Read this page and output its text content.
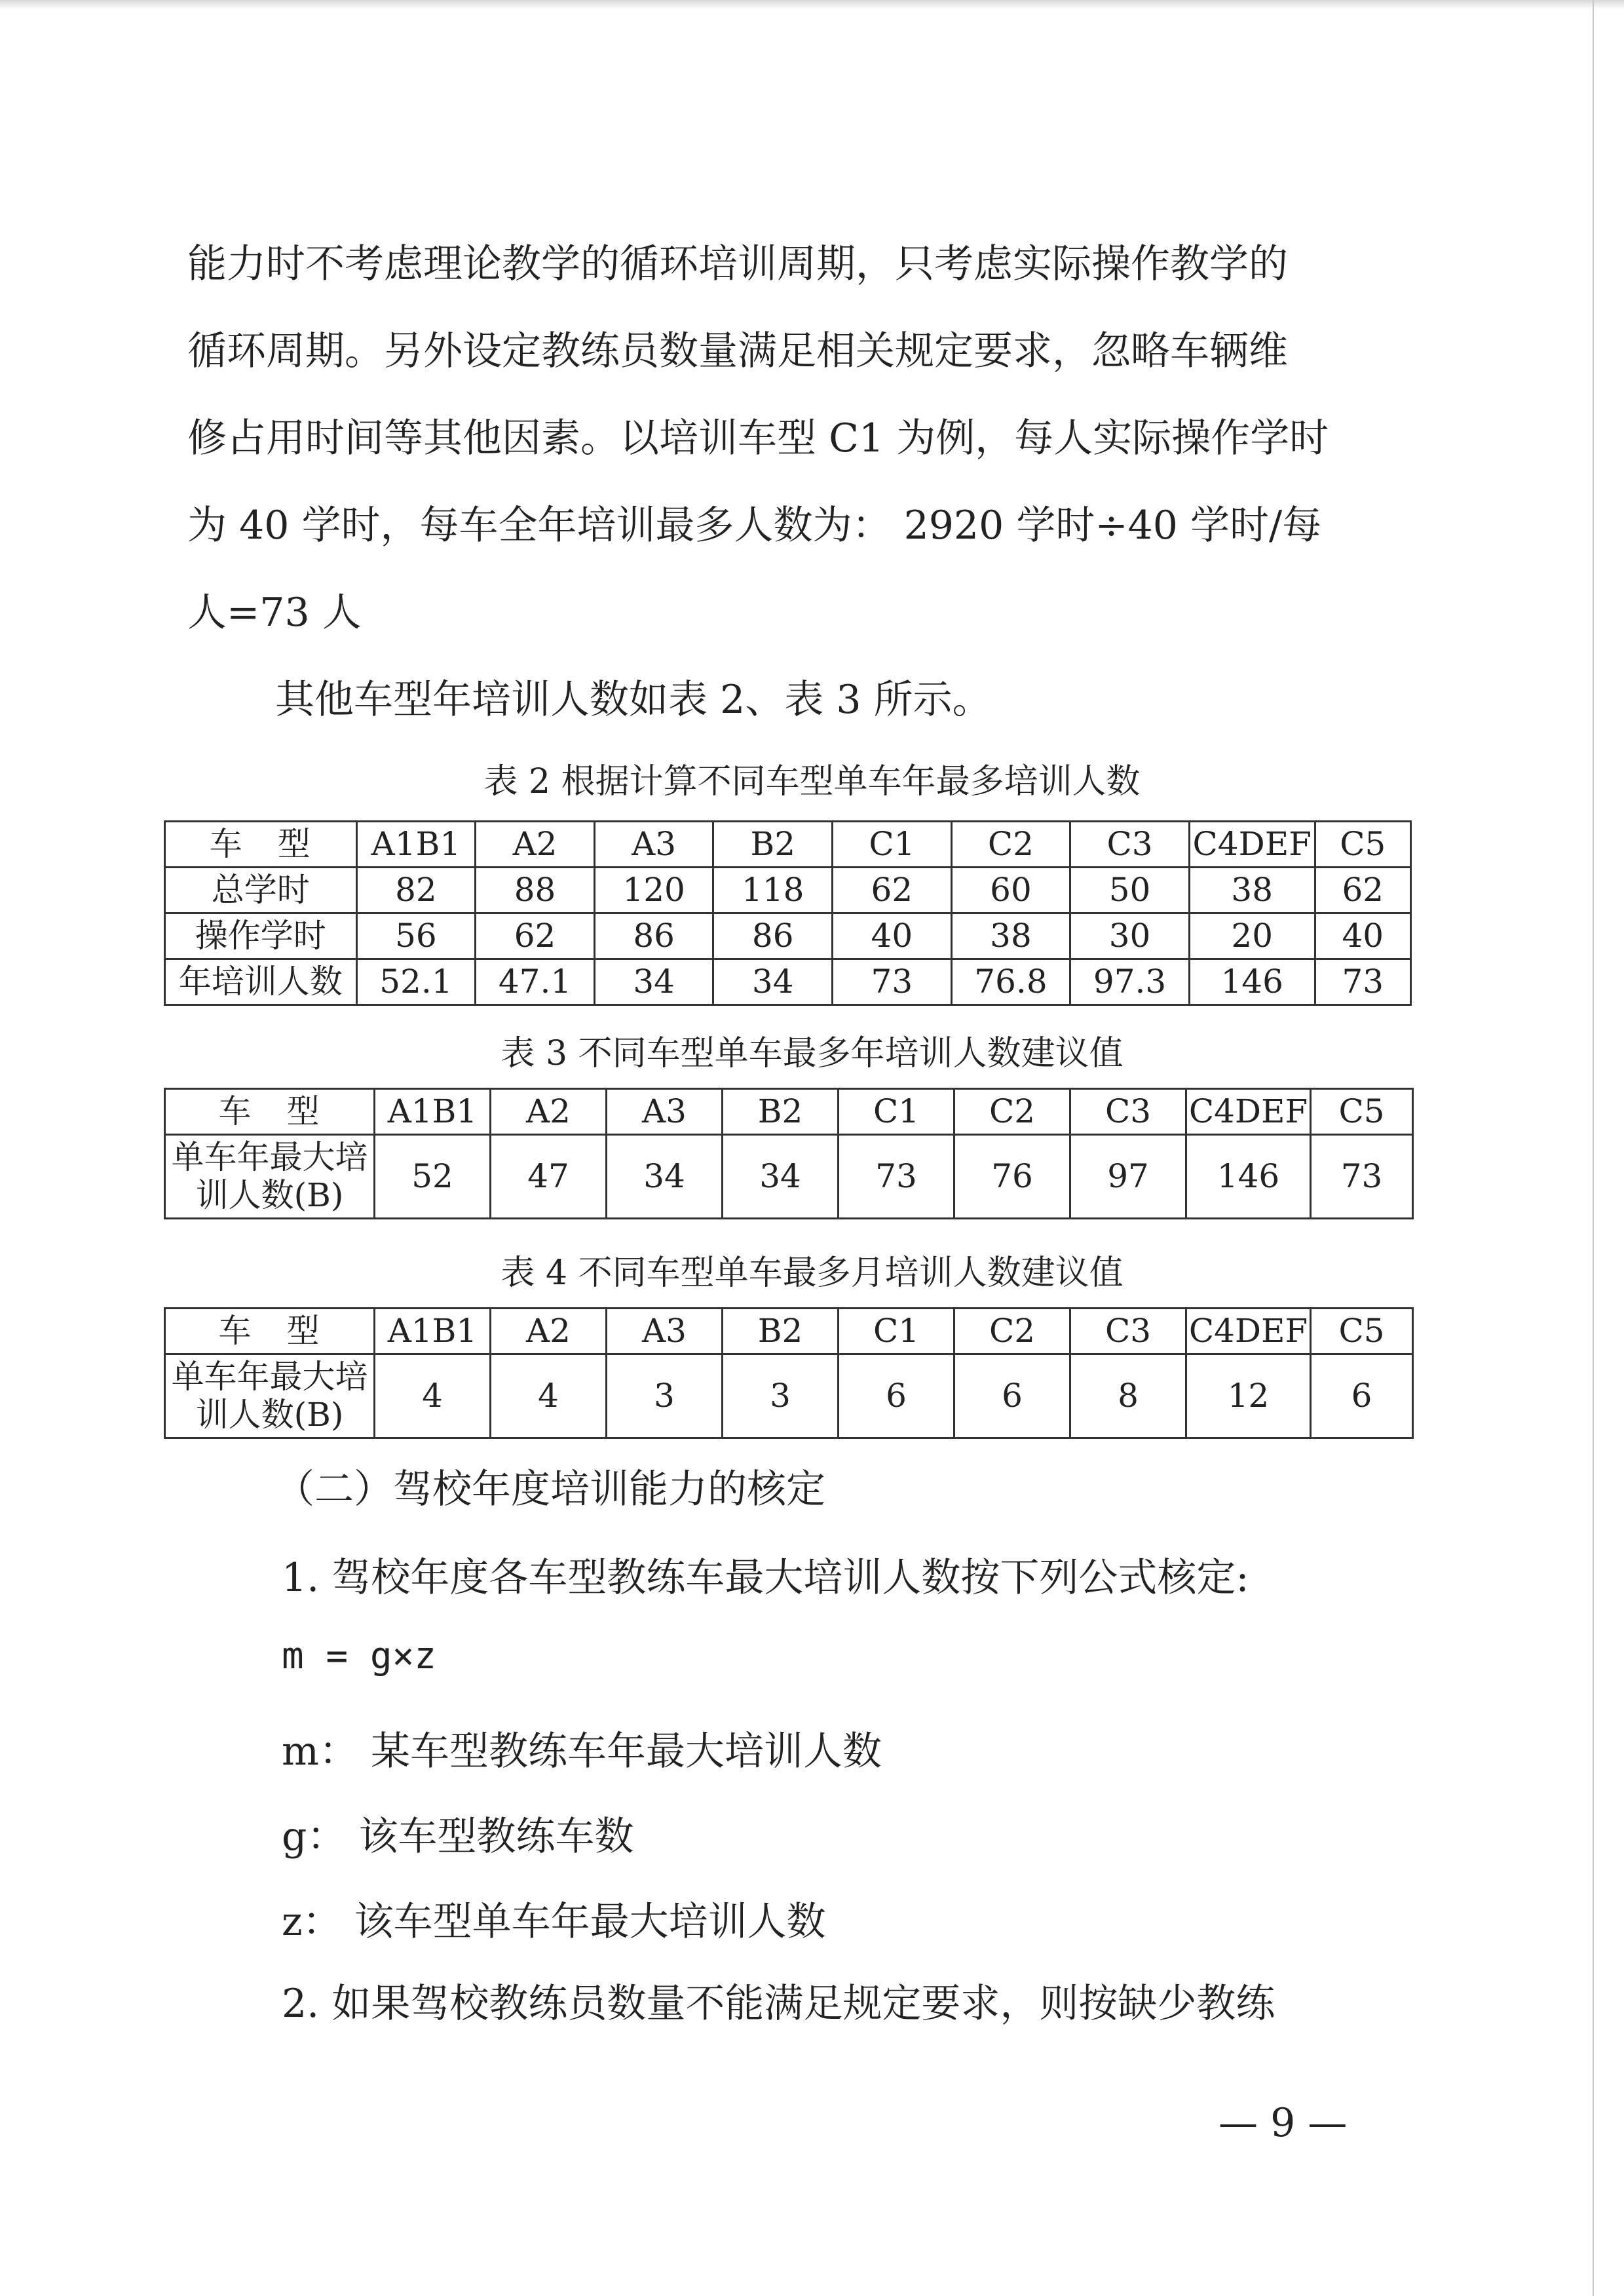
能力时不考虑理论教学的循环培训周期，只考虑实际操作教学的

循环周期。另外设定教练员数量满足相关规定要求，忽略车辆维

修占用时间等其他因素。以培训车型 C1 为例，每人实际操作学时

为 40 学时，每车全年培训最多人数为： 2920 学时÷40 学时/每

人=73 人

其他车型年培训人数如表 2、表 3 所示。

表 2 根据计算不同车型单车年最多培训人数

车　型	A1B1	A2	A3	B2	C1	C2	C3	C4DEF	C5
总学时	82	88	120	118	62	60	50	38	62
操作学时	56	62	86	86	40	38	30	20	40
年培训人数	52.1	47.1	34	34	73	76.8	97.3	146	73

表 3 不同车型单车最多年培训人数建议值

车　型	A1B1	A2	A3	B2	C1	C2	C3	C4DEF	C5
单车年最大培训人数(B)	52	47	34	34	73	76	97	146	73

表 4 不同车型单车最多月培训人数建议值

车　型	A1B1	A2	A3	B2	C1	C2	C3	C4DEF	C5
单车年最大培训人数(B)	4	4	3	3	6	6	8	12	6

（二）驾校年度培训能力的核定

1. 驾校年度各车型教练车最大培训人数按下列公式核定:

m = g×z

m： 某车型教练车年最大培训人数

g： 该车型教练车数

z： 该车型单车年最大培训人数

2. 如果驾校教练员数量不能满足规定要求，则按缺少教练

— 9 —
